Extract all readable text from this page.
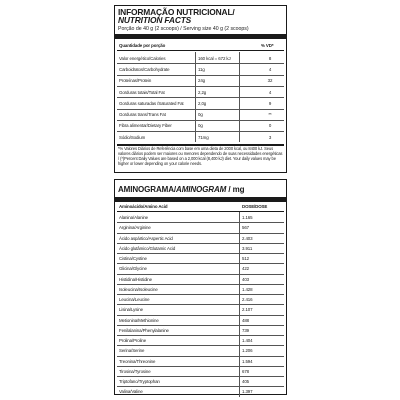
INFORMAÇÃO NUTRICIONAL/
NUTRITION FACTS
Porção de 40 g (2 scoops) / Serving size 40 g (2 scoops)
Quantidade por porção	% VD*
Valor energético/Calories	160 kcal = 672 kJ	8
Carboidratos/Carbohydrate	11g	4
Proteínas/Protein	24g	32
Gorduras totais/Total Fat	2,2g	4
Gorduras saturadas /Saturated Fat	2,0g	9
Gorduras trans/Trans Fat	0g	**
Fibra alimentar/Dietary Fiber	0g	0
Sódio/Sodium	71mg	3
*% Valores Diários de Referência com base em uma dieta de 2000 kcal, ou 8400 kJ. Seus valores diários podem ser maiores ou menores dependendo de suas necessidades energéticas / (*)Percent Daily Values are based on a 2,000 kcal (8,400 kJ) diet. Your daily values may be higher or lower depending on your calorie needs.
AMINOGRAMA/AMINOGRAM / mg
Aminoácido/Amino Acid	DOSE/DOSE
Alanina/Alanine	1.165
Arginina/Arginine	567
Ácido aspártico/Aspertic Acid	2.403
Ácido glutâmico/Glutamic Acid	3.911
Cistina/Cystine	512
Glicina/Glycine	422
Histidina/Histidine	403
Isoleucina/Isoleucine	1.428
Leucina/Leucine	2.416
Lisina/Lysine	2.107
Metionina/Methionine	488
Fenilalanina/Phenylalanine	739
Prolina/Proline	1.404
Serina/Serine	1.206
Treonina/Threonine	1.594
Tirosina/Tyrosine	678
Triptofano/Tryptophan	405
Valina/Valine	1.397
